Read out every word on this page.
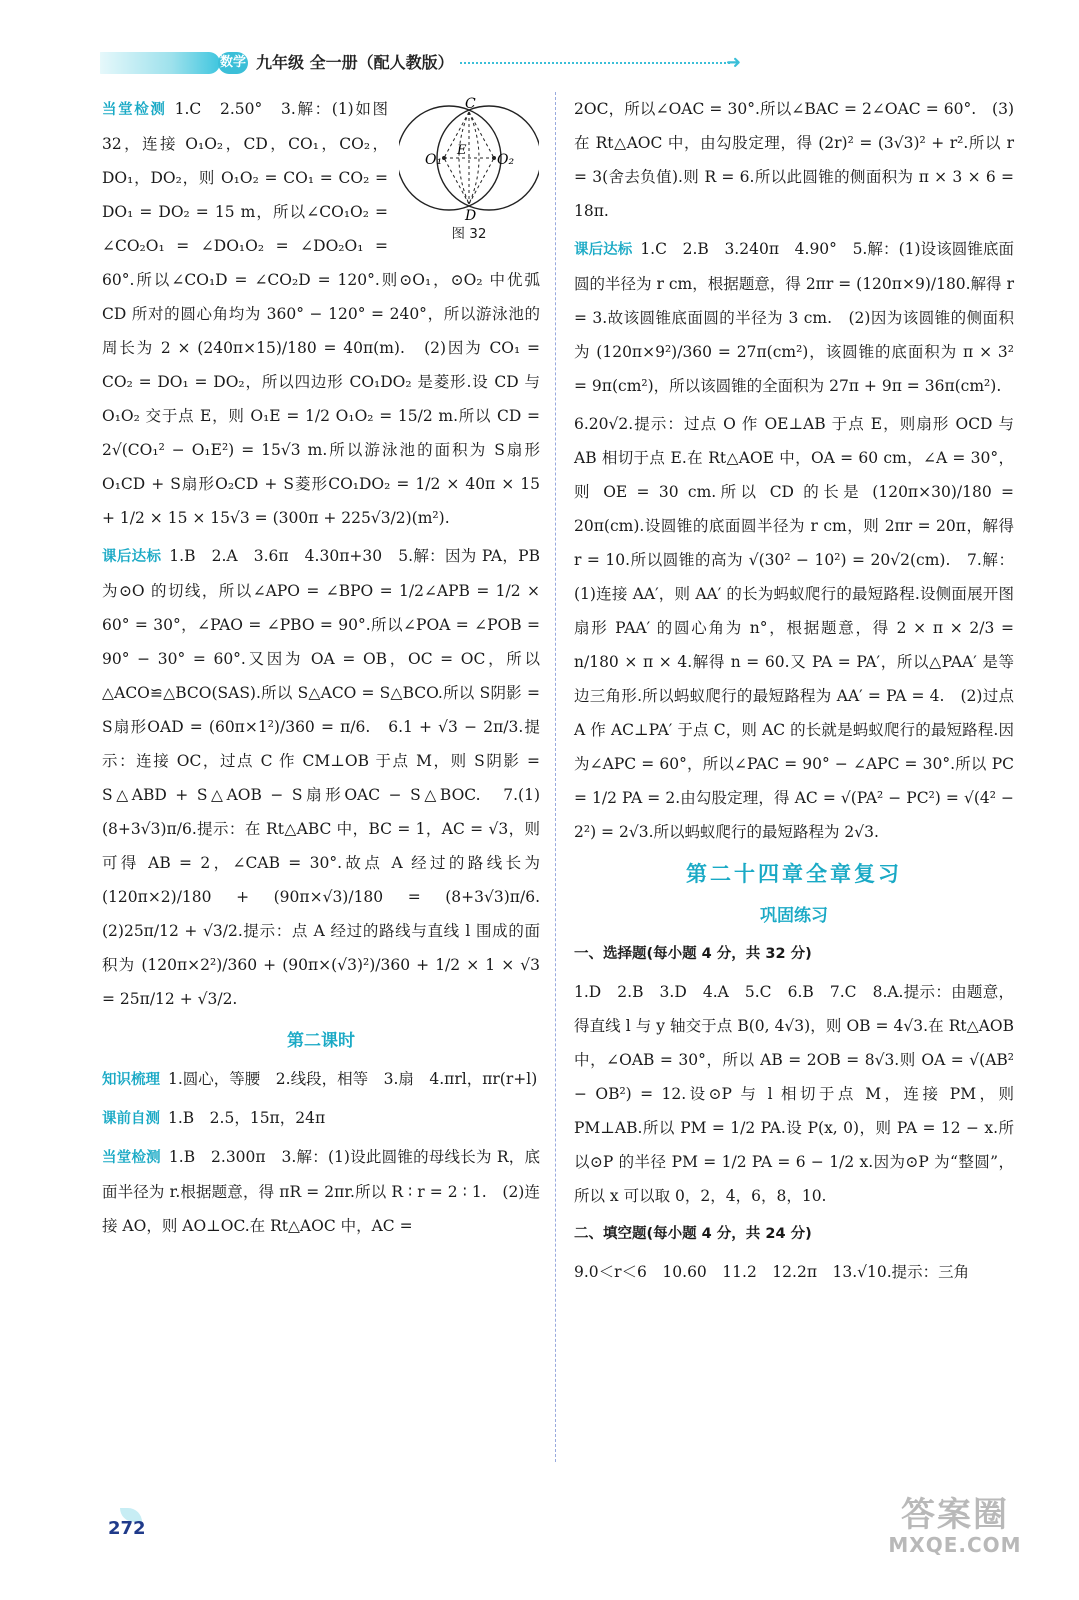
数学 九年级 全一册（配人教版）	➜
C
D
O₁	O₂
E
图 32

当堂检测 1.C　2.50°　3.解：(1)如图 32，连接 O₁O₂，CD，CO₁，CO₂，DO₁，DO₂，则 O₁O₂ = CO₁ = CO₂ = DO₁ = DO₂ = 15 m，所以∠CO₁O₂ = ∠CO₂O₁ = ∠DO₁O₂ = ∠DO₂O₁ = 60°.所以∠CO₁D = ∠CO₂D = 120°.则⊙O₁，⊙O₂ 中优弧 CD 所对的圆心角均为 360° − 120° = 240°，所以游泳池的周长为 2 × (240π×15)/180 = 40π(m).　(2)因为 CO₁ = CO₂ = DO₁ = DO₂，所以四边形 CO₁DO₂ 是菱形.设 CD 与 O₁O₂ 交于点 E，则 O₁E = 1/2 O₁O₂ = 15/2 m.所以 CD = 2√(CO₁² − O₁E²) = 15√3 m.所以游泳池的面积为 S扇形O₁CD + S扇形O₂CD + S菱形CO₁DO₂ = 1/2 × 40π × 15 + 1/2 × 15 × 15√3 = (300π + 225√3/2)(m²).

课后达标 1.B　2.A　3.6π　4.30π+30　5.解：因为 PA，PB 为⊙O 的切线，所以∠APO = ∠BPO = 1/2∠APB = 1/2 × 60° = 30°，∠PAO = ∠PBO = 90°.所以∠POA = ∠POB = 90° − 30° = 60°.又因为 OA = OB，OC = OC，所以△ACO≌△BCO(SAS).所以 S△ACO = S△BCO.所以 S阴影 = S扇形OAD = (60π×1²)/360 = π/6.　6.1 + √3 − 2π/3.提示：连接 OC，过点 C 作 CM⊥OB 于点 M，则 S阴影 = S△ABD + S△AOB − S扇形OAC − S△BOC.　7.(1)(8+3√3)π/6.提示：在 Rt△ABC 中，BC = 1，AC = √3，则可得 AB = 2，∠CAB = 30°.故点 A 经过的路线长为 (120π×2)/180 + (90π×√3)/180 = (8+3√3)π/6.　(2)25π/12 + √3/2.提示：点 A 经过的路线与直线 l 围成的面积为 (120π×2²)/360 + (90π×(√3)²)/360 + 1/2 × 1 × √3 = 25π/12 + √3/2.

第二课时

知识梳理 1.圆心，等腰　2.线段，相等　3.扇　4.πrl，πr(r+l)

课前自测 1.B　2.5，15π，24π

当堂检测 1.B　2.300π　3.解：(1)设此圆锥的母线长为 R，底面半径为 r.根据题意，得 πR = 2πr.所以 R ∶ r = 2 ∶ 1.　(2)连接 AO，则 AO⊥OC.在 Rt△AOC 中，AC =

2OC，所以∠OAC = 30°.所以∠BAC = 2∠OAC = 60°.　(3)在 Rt△AOC 中，由勾股定理，得 (2r)² = (3√3)² + r².所以 r = 3(舍去负值).则 R = 6.所以此圆锥的侧面积为 π × 3 × 6 = 18π.

课后达标 1.C　2.B　3.240π　4.90°　5.解：(1)设该圆锥底面圆的半径为 r cm，根据题意，得 2πr = (120π×9)/180.解得 r = 3.故该圆锥底面圆的半径为 3 cm.　(2)因为该圆锥的侧面积为 (120π×9²)/360 = 27π(cm²)，该圆锥的底面积为 π × 3² = 9π(cm²)，所以该圆锥的全面积为 27π + 9π = 36π(cm²).

6.20√2.提示：过点 O 作 OE⊥AB 于点 E，则扇形 OCD 与 AB 相切于点 E.在 Rt△AOE 中，OA = 60 cm，∠A = 30°，则 OE = 30 cm.所以 CD 的长是 (120π×30)/180 = 20π(cm).设圆锥的底面圆半径为 r cm，则 2πr = 20π，解得 r = 10.所以圆锥的高为 √(30² − 10²) = 20√2(cm).　7.解：(1)连接 AA′，则 AA′ 的长为蚂蚁爬行的最短路程.设侧面展开图扇形 PAA′ 的圆心角为 n°，根据题意，得 2 × π × 2/3 = n/180 × π × 4.解得 n = 60.又 PA = PA′，所以△PAA′ 是等边三角形.所以蚂蚁爬行的最短路程为 AA′ = PA = 4.　(2)过点 A 作 AC⊥PA′ 于点 C，则 AC 的长就是蚂蚁爬行的最短路程.因为∠APC = 60°，所以∠PAC = 90° − ∠APC = 30°.所以 PC = 1/2 PA = 2.由勾股定理，得 AC = √(PA² − PC²) = √(4² − 2²) = 2√3.所以蚂蚁爬行的最短路程为 2√3.

第二十四章全章复习
巩固练习

一、选择题(每小题 4 分，共 32 分)

1.D　2.B　3.D　4.A　5.C　6.B　7.C　8.A.提示：由题意，得直线 l 与 y 轴交于点 B(0, 4√3)，则 OB = 4√3.在 Rt△AOB 中，∠OAB = 30°，所以 AB = 2OB = 8√3.则 OA = √(AB² − OB²) = 12.设⊙P 与 l 相切于点 M，连接 PM，则 PM⊥AB.所以 PM = 1/2 PA.设 P(x, 0)，则 PA = 12 − x.所以⊙P 的半径 PM = 1/2 PA = 6 − 1/2 x.因为⊙P 为“整圆”，所以 x 可以取 0，2，4，6，8，10.

二、填空题(每小题 4 分，共 24 分)

9.0＜r＜6　10.60　11.2　12.2π　13.√10.提示：三角

272	答案圈
MXQE.COM
